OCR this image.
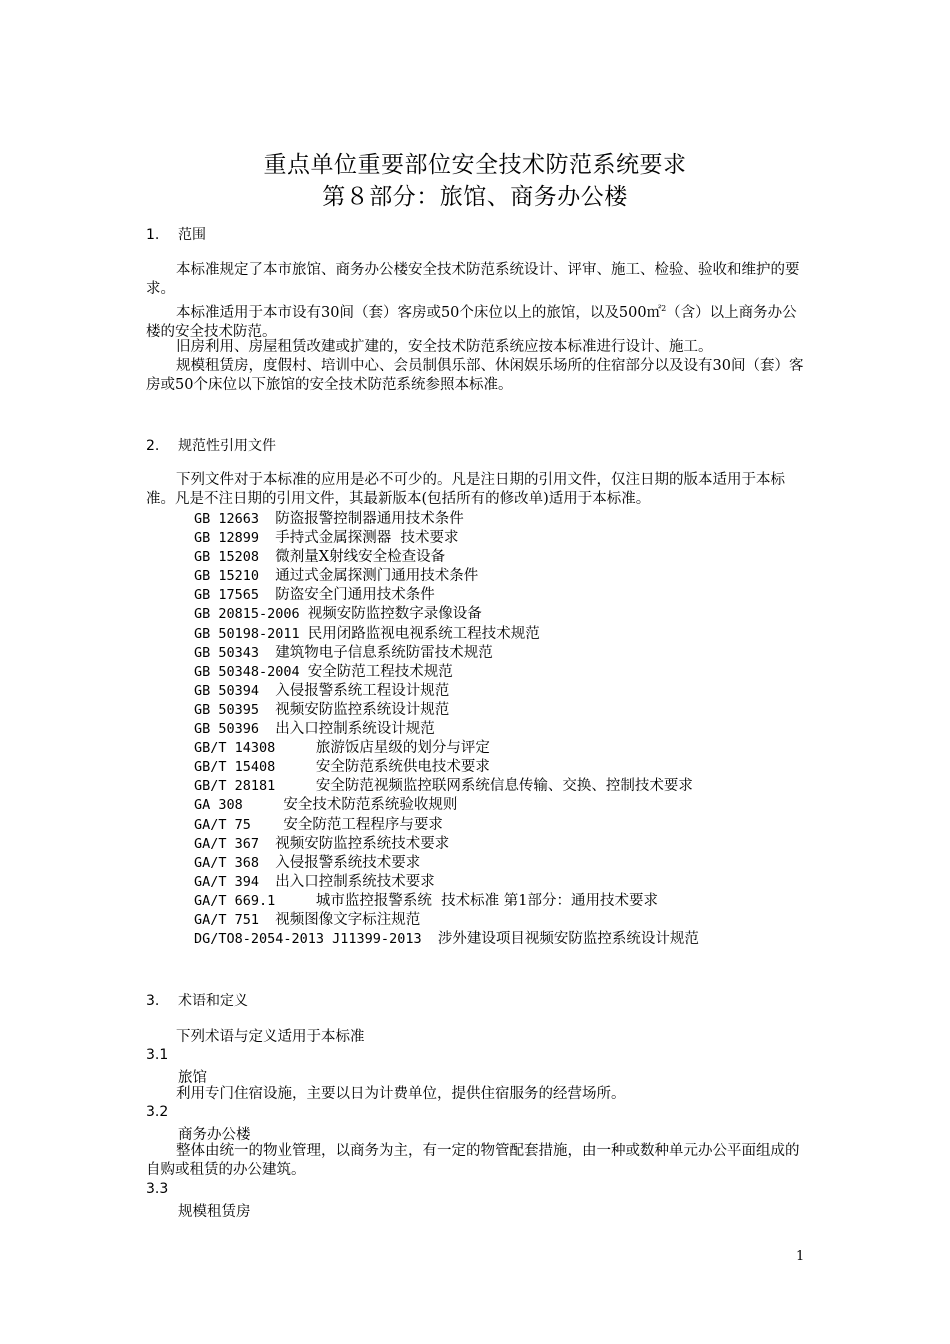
重点单位重要部位安全技术防范系统要求
第８部分：旅馆、商务办公楼
1. 范围
本标准规定了本市旅馆、商务办公楼安全技术防范系统设计、评审、施工、检验、验收和维护的要求。
本标准适用于本市设有30间（套）客房或50个床位以上的旅馆，以及500㎡$^2$（含）以上商务办公楼的安全技术防范。
旧房利用、房屋租赁改建或扩建的，安全技术防范系统应按本标准进行设计、施工。
规模租赁房，度假村、培训中心、会员制俱乐部、休闲娱乐场所的住宿部分以及设有30间（套）客房或50个床位以下旅馆的安全技术防范系统参照本标准。
2. 规范性引用文件
下列文件对于本标准的应用是必不可少的。凡是注日期的引用文件，仅注日期的版本适用于本标准。凡是不注日期的引用文件，其最新版本(包括所有的修改单)适用于本标准。
GB 12663  防盗报警控制器通用技术条件
GB 12899  手持式金属探测器  技术要求
GB 15208  微剂量X射线安全检查设备
GB 15210  通过式金属探测门通用技术条件
GB 17565  防盗安全门通用技术条件
GB 20815-2006 视频安防监控数字录像设备
GB 50198-2011 民用闭路监视电视系统工程技术规范
GB 50343  建筑物电子信息系统防雷技术规范
GB 50348-2004 安全防范工程技术规范
GB 50394  入侵报警系统工程设计规范
GB 50395  视频安防监控系统设计规范
GB 50396  出入口控制系统设计规范
GB/T 14308     旅游饭店星级的划分与评定
GB/T 15408     安全防范系统供电技术要求
GB/T 28181     安全防范视频监控联网系统信息传输、交换、控制技术要求
GA 308     安全技术防范系统验收规则
GA/T 75    安全防范工程程序与要求
GA/T 367  视频安防监控系统技术要求
GA/T 368  入侵报警系统技术要求
GA/T 394  出入口控制系统技术要求
GA/T 669.1     城市监控报警系统  技术标准 第1部分：通用技术要求
GA/T 751  视频图像文字标注规范
DG/TO8-2054-2013 J11399-2013  涉外建设项目视频安防监控系统设计规范
3. 术语和定义
下列术语与定义适用于本标准
3.1
旅馆
利用专门住宿设施，主要以日为计费单位，提供住宿服务的经营场所。
3.2
商务办公楼
整体由统一的物业管理，以商务为主，有一定的物管配套措施，由一种或数种单元办公平面组成的自购或租赁的办公建筑。
3.3
规模租赁房
1
